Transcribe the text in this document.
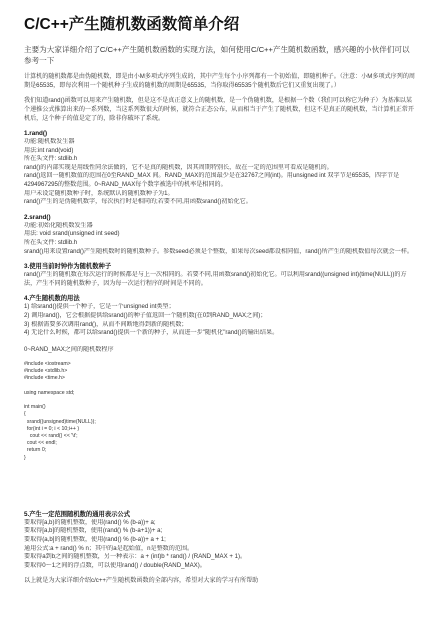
C/C++产生随机数函数简单介绍
主要为大家详细介绍了C/C++产生随机数函数的实现方法，如何使用C/C++产生随机数函数，感兴趣的小伙伴们可以参考一下
计算机的随机数都是由伪随机数，即是由小M多项式序列生成的，其中产生每个小序列都有一个初始值，即随机种子。（注意：小M多项式序列的周期是65535，即每次利用一个随机种子生成的随机数的周期是65535，当你取得65535个随机数后它们又重复出现了。）
我们知道rand()函数可以用来产生随机数，但是这不是真正意义上的随机数，是一个伪随机数，是根据一个数（我们可以称它为种子）为基准以某个递推公式推算出来的一系列数，当这系列数很大的时候，就符合正态公布，从而相当于产生了随机数，但这不是真正的随机数，当计算机正常开机后，这个种子的值是定了的，除非你破坏了系统。
1.rand()
功能:随机数发生器
用法:int rand(void)
所在头文件: stdlib.h
rand()的内部实现是用线性同余法做的，它不是真的随机数，因其周期特别长，故在一定的范围里可看成是随机的。
rand()返回一随机数值的范围在0至RAND_MAX 间。RAND_MAX的范围最少是在32767之间(int)。用unsigned int 双字节是65535，四字节是4294967295的整数范围。0~RAND_MAX每个数字被选中的机率是相同的。
用户未设定随机数种子时，系统默认的随机数种子为1。
rand()产生的是伪随机数字，每次执行时是相同的;若要不同,用函数srand()初始化它。
2.srand()
功能:初始化随机数发生器
用法: void srand(unsigned int seed)
所在头文件: stdlib.h
srand()用来设置rand()产生随机数时的随机数种子。参数seed必须是个整数，如果每次seed都设相同值，rand()所产生的随机数值每次就会一样。
3.使用当前时钟作为随机数种子
rand()产生的随机数在每次运行的时候都是与上一次相同的。若要不同,用函数srand()初始化它。可以利用srand((unsigned int)(time(NULL))的方法，产生不同的随机数种子，因为每一次运行程序的时间是不同的。
4.产生随机数的用法
1) 给srand()提供一个种子，它是一个unsigned int类型；
2) 调用rand()，它会根据提供给srand()的种子值返回一个随机数(在0到RAND_MAX之间)；
3) 根据需要多次调用rand()，从而不间断地得到新的随机数；
4) 无论什么时候，都可以给srand()提供一个新的种子，从而进一步"随机化"rand()的输出结果。

0~RAND_MAX之间的随机数程序
#include <iostream>
#include <stdlib.h>
#include <time.h>

using namespace std;

int main()
{
srand((unsigned)time(NULL));
for(int i = 0; i < 10;i++ )
cout << rand() << '\t';
cout << endl;
return 0;
}
5.产生一定范围随机数的通用表示公式
要取得[a,b)的随机整数，使用(rand() % (b-a))+ a;
要取得[a,b]的随机整数，使用(rand() % (b-a+1))+ a;
要取得(a,b]的随机整数，使用(rand() % (b-a))+ a + 1;
通用公式:a + rand() % n；其中的a是起始值，n是整数的范围。
要取得a到b之间的随机整数，另一种表示：a + (int)b * rand() / (RAND_MAX + 1)。
要取得0～1之间的浮点数，可以使用rand() / double(RAND_MAX)。
以上就是为大家详细介绍c/c++产生随机数函数的全部内容，希望对大家的学习有所帮助
